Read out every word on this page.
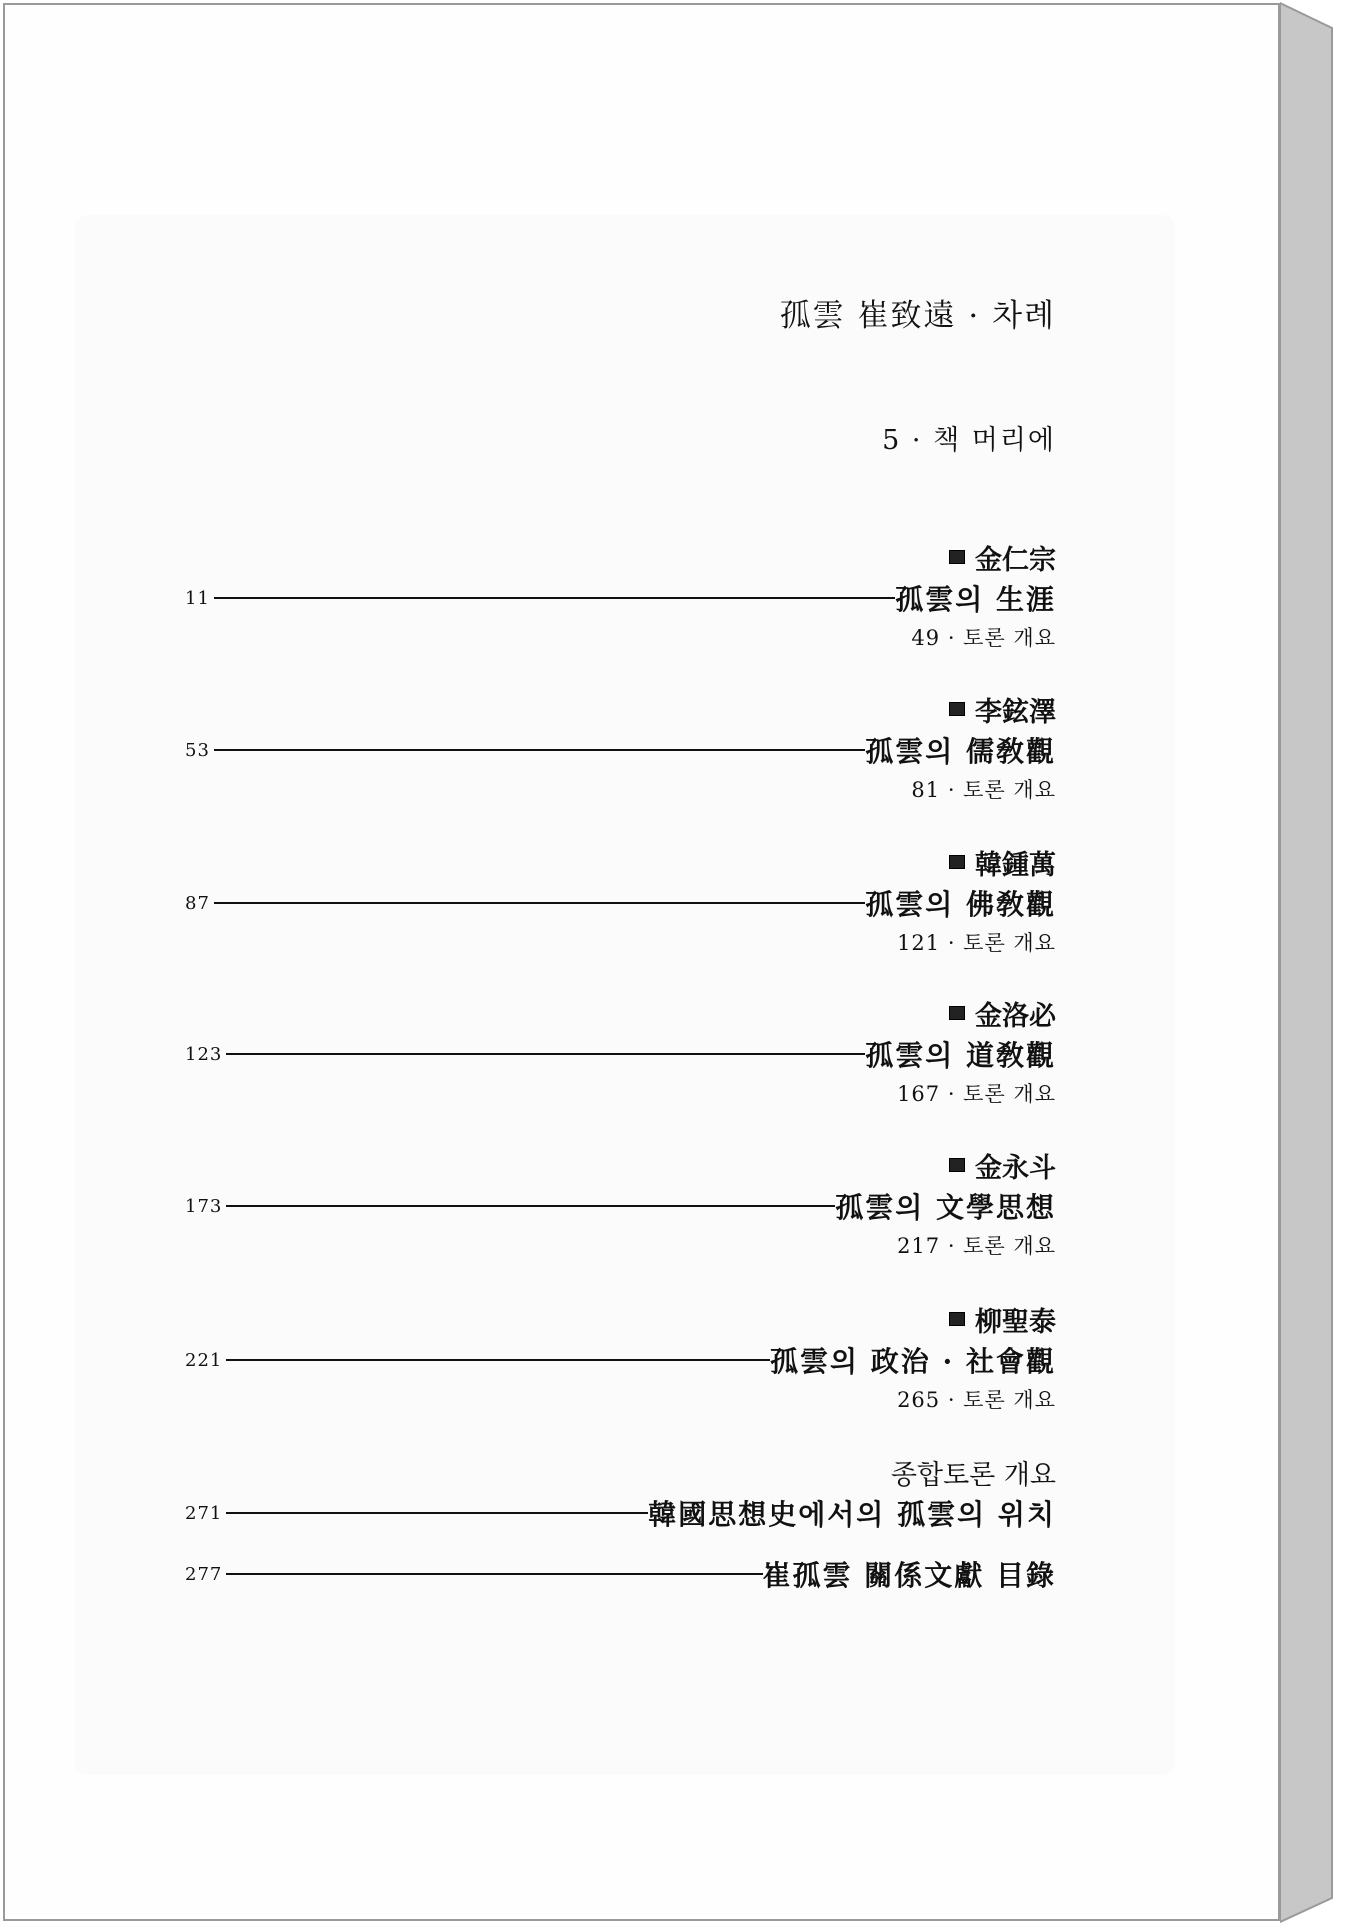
孤雲 崔致遠 · 차례
5 · 책 머리에
金仁宗
11	孤雲의 生涯
49 · 토론 개요
李鉉澤
53	孤雲의 儒敎觀
81 · 토론 개요
韓鍾萬
87	孤雲의 佛敎觀
121 · 토론 개요
金洛必
123	孤雲의 道敎觀
167 · 토론 개요
金永斗
173	孤雲의 文學思想
217 · 토론 개요
柳聖泰
221	孤雲의 政治 · 社會觀
265 · 토론 개요
종합토론 개요
271	韓國思想史에서의 孤雲의 위치
277	崔孤雲 關係文獻 目錄
